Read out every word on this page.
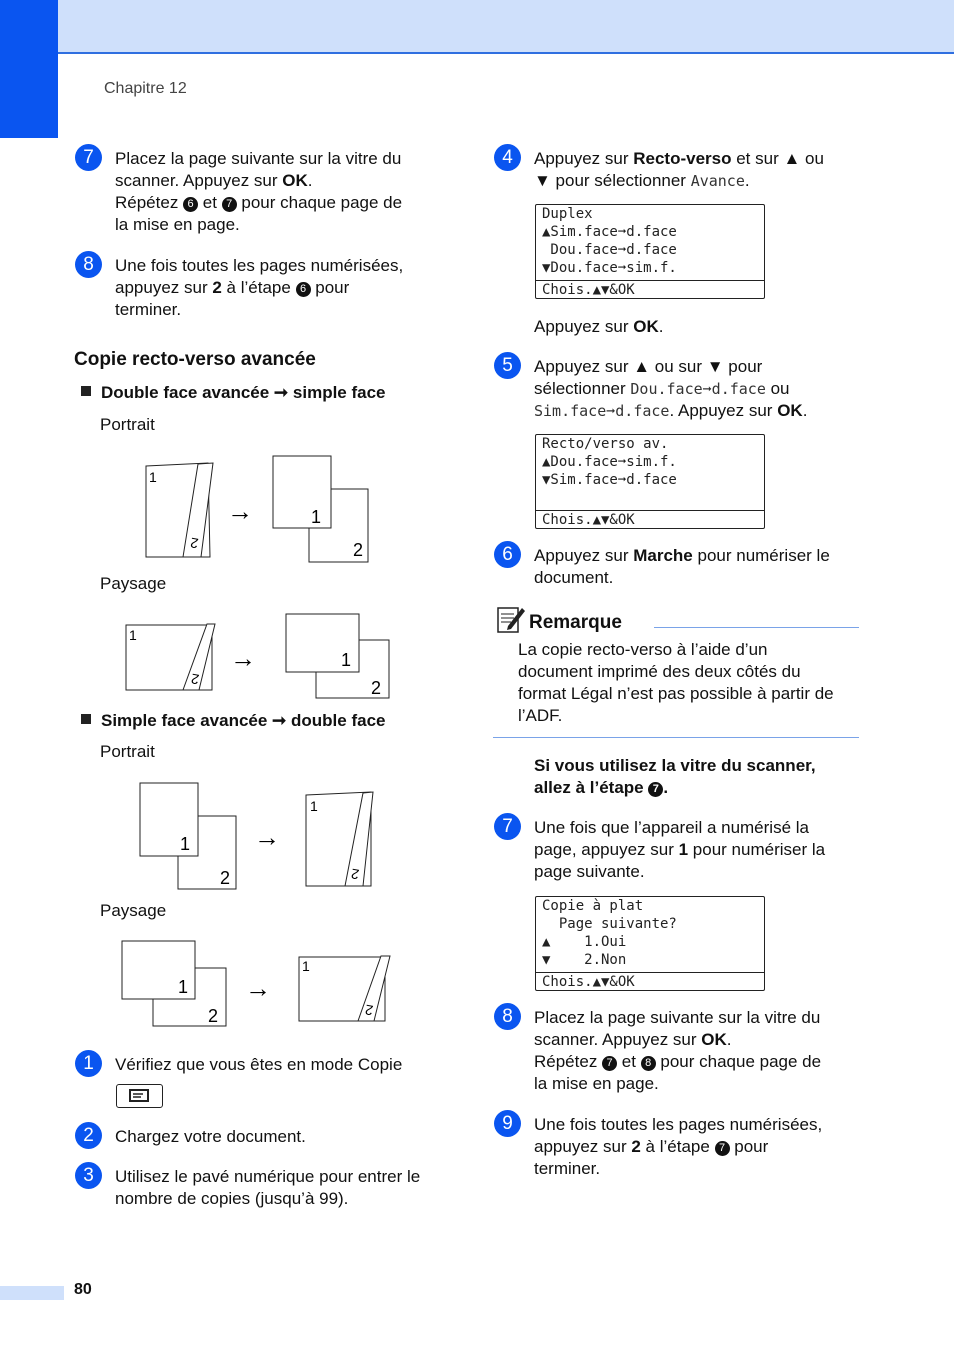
Chapitre 12
7	Placez la page suivante sur la vitre du
scanner. Appuyez sur OK.
Répétez 6 et 7 pour chaque page de
la mise en page.
8	Une fois toutes les pages numérisées,
appuyez sur 2 à l’étape 6 pour
terminer.
Copie recto-verso avancée
Double face avancée ➞ simple face
Portrait
1
2
→	1
2
Paysage
1
2
→	1
2
Simple face avancée ➞ double face
Portrait
1
2
→
1
2
Paysage
1
2
→
1
2
1	Vérifiez que vous êtes en mode Copie
2	Chargez votre document.
3	Utilisez le pavé numérique pour entrer le
nombre de copies (jusqu’à 99).
4	Appuyez sur Recto-verso et sur ▲ ou
▼ pour sélectionner Avance.
Duplex
▲Sim.face➞d.face
Dou.face➞d.face
▼Dou.face➞sim.f.
Chois.▲▼&OK
Appuyez sur OK.
5	Appuyez sur ▲ ou sur ▼ pour
sélectionner Dou.face➞d.face ou
Sim.face➞d.face. Appuyez sur OK.
Recto/verso av.
▲Dou.face➞sim.f.
▼Sim.face➞d.face
Chois.▲▼&OK
6	Appuyez sur Marche pour numériser le
document.
Remarque
La copie recto-verso à l’aide d’un
document imprimé des deux côtés du
format Légal n’est pas possible à partir de
l’ADF.
Si vous utilisez la vitre du scanner,
allez à l’étape 7 .
7	Une fois que l’appareil a numérisé la
page, appuyez sur 1 pour numériser la
page suivante.
Copie à plat
Page suivante?
▲    1.Oui
▼    2.Non
Chois.▲▼&OK
8	Placez la page suivante sur la vitre du
scanner. Appuyez sur OK.
Répétez 7 et 8 pour chaque page de
la mise en page.
9	Une fois toutes les pages numérisées,
appuyez sur 2 à l’étape 7 pour
terminer.
80
